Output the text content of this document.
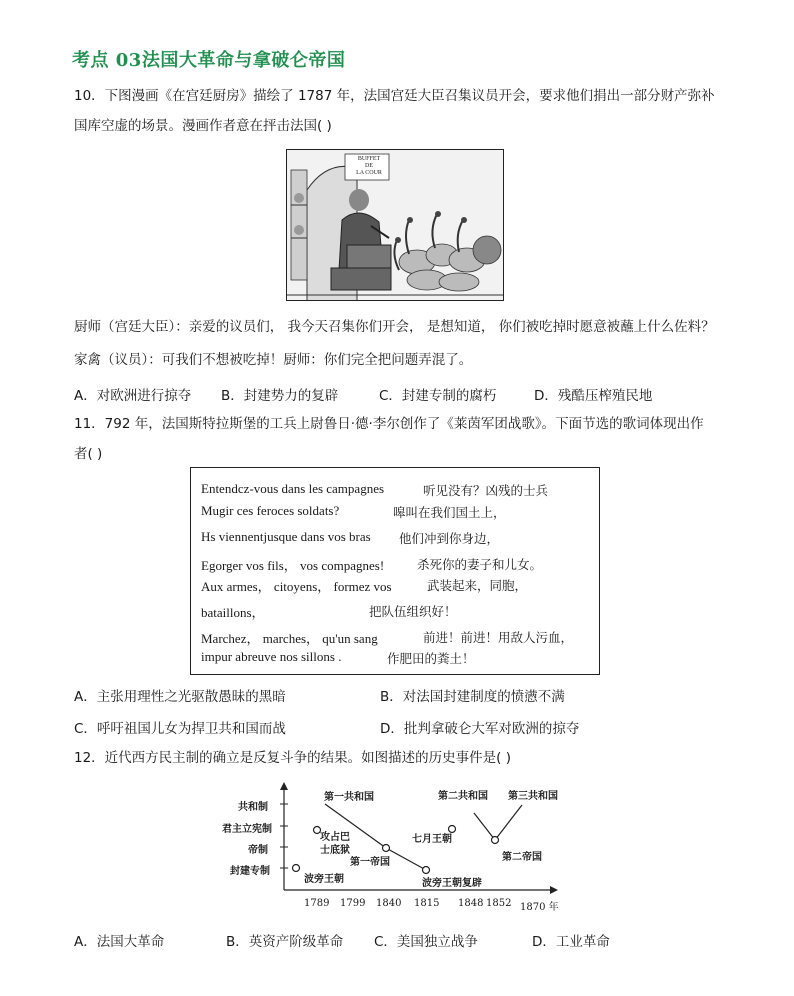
考点 03法国大革命与拿破仑帝国
10．下图漫画《在宫廷厨房》描绘了 1787 年，法国宫廷大臣召集议员开会，要求他们捐出一部分财产弥补
国库空虚的场景。漫画作者意在抨击法国( )
BUFFET
DE
LA COUR
厨师（宫廷大臣）：亲爱的议员们， 我今天召集你们开会， 是想知道， 你们被吃掉时愿意被蘸上什么佐料？
家禽（议员）：可我们不想被吃掉！厨师：你们完全把问题弄混了。
A．对欧洲进行掠夺 B．封建势力的复辟	C．封建专制的腐朽	D．残酷压榨殖民地
11．792 年，法国斯特拉斯堡的工兵上尉鲁日·德·李尔创作了《莱茵军团战歌》。下面节选的歌词体现出作
者( )
Entendcz-vous dans les campagnes	听见没有？凶残的士兵
Mugir ces feroces soldats?	嗥叫在我们国土上，
Hs viennentjusque dans vos bras 他们冲到你身边，
Egorger vos fils， vos compagnes!	杀死你的妻子和儿女。
Aux armes， citoyens， formez vos	武装起来，同胞，
bataillons，	把队伍组织好！
Marchez， marches， qu'un sang	前进！前进！用敌人污血，
impur abreuve nos sillons .	作肥田的粪土！
A．主张用理性之光驱散愚昧的黑暗	B．对法国封建制度的愤懑不满
C．呼吁祖国儿女为捍卫共和国而战	D．批判拿破仑大军对欧洲的掠夺
12．近代西方民主制的确立是反复斗争的结果。如图描述的历史事件是( )
共和制
君主立宪制
帝制
封建专制
第一共和国	第二共和国 第三共和国
攻占巴
士底狱
七月王朝
第一帝国	第二帝国
波旁王朝	波旁王朝复辟
1789 1799 1840 1815 1848 1852 1870 年
A．法国大革命	B．英资产阶级革命 C．美国独立战争	D．工业革命
